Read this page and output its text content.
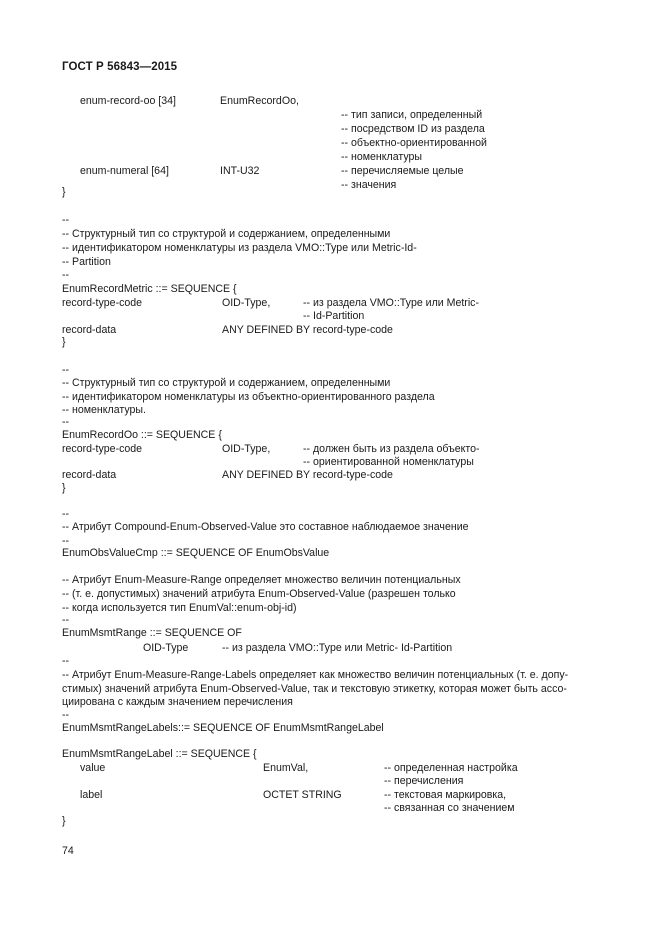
ГОСТ Р 56843—2015
enum-record-oo [34]	EnumRecordOo,
-- тип записи, определенный
-- посредством ID из раздела
-- объектно-ориентированной
-- номенклатуры
enum-numeral [64]	INT-U32	-- перечисляемые целые
-- значения
}
--
-- Структурный тип со структурой и содержанием, определенными
-- идентификатором номенклатуры из раздела VMO::Type или Metric-Id-
-- Partition
--
EnumRecordMetric ::= SEQUENCE {
record-type-code	OID-Type,	-- из раздела VMO::Type или Metric-
-- Id-Partition
record-data	ANY DEFINED BY record-type-code
}
--
-- Структурный тип со структурой и содержанием, определенными
-- идентификатором номенклатуры из объектно-ориентированного раздела
-- номенклатуры.
--
EnumRecordOo ::= SEQUENCE {
record-type-code	OID-Type,	-- должен быть из раздела объекто-
-- ориентированной номенклатуры
record-data	ANY DEFINED BY record-type-code
}
--
-- Атрибут Compound-Enum-Observed-Value это составное наблюдаемое значение
--
EnumObsValueCmp ::= SEQUENCE OF EnumObsValue
-- Атрибут Enum-Measure-Range определяет множество величин потенциальных
-- (т. е. допустимых) значений атрибута Enum-Observed-Value (разрешен только
-- когда используется тип EnumVal::enum-obj-id)
--
EnumMsmtRange ::= SEQUENCE OF
OID-Type	-- из раздела VMO::Type или Metric- Id-Partition
--
-- Атрибут Enum-Measure-Range-Labels определяет как множество величин потенциальных (т. е. допу-
стимых) значений атрибута Enum-Observed-Value, так и текстовую этикетку, которая может быть ассо-
циирована с каждым значением перечисления
--
EnumMsmtRangeLabels::= SEQUENCE OF EnumMsmtRangeLabel
EnumMsmtRangeLabel ::= SEQUENCE {
value	EnumVal,	-- определенная настройка
-- перечисления
label	OCTET STRING	-- текстовая маркировка,
-- связанная со значением
}
74
